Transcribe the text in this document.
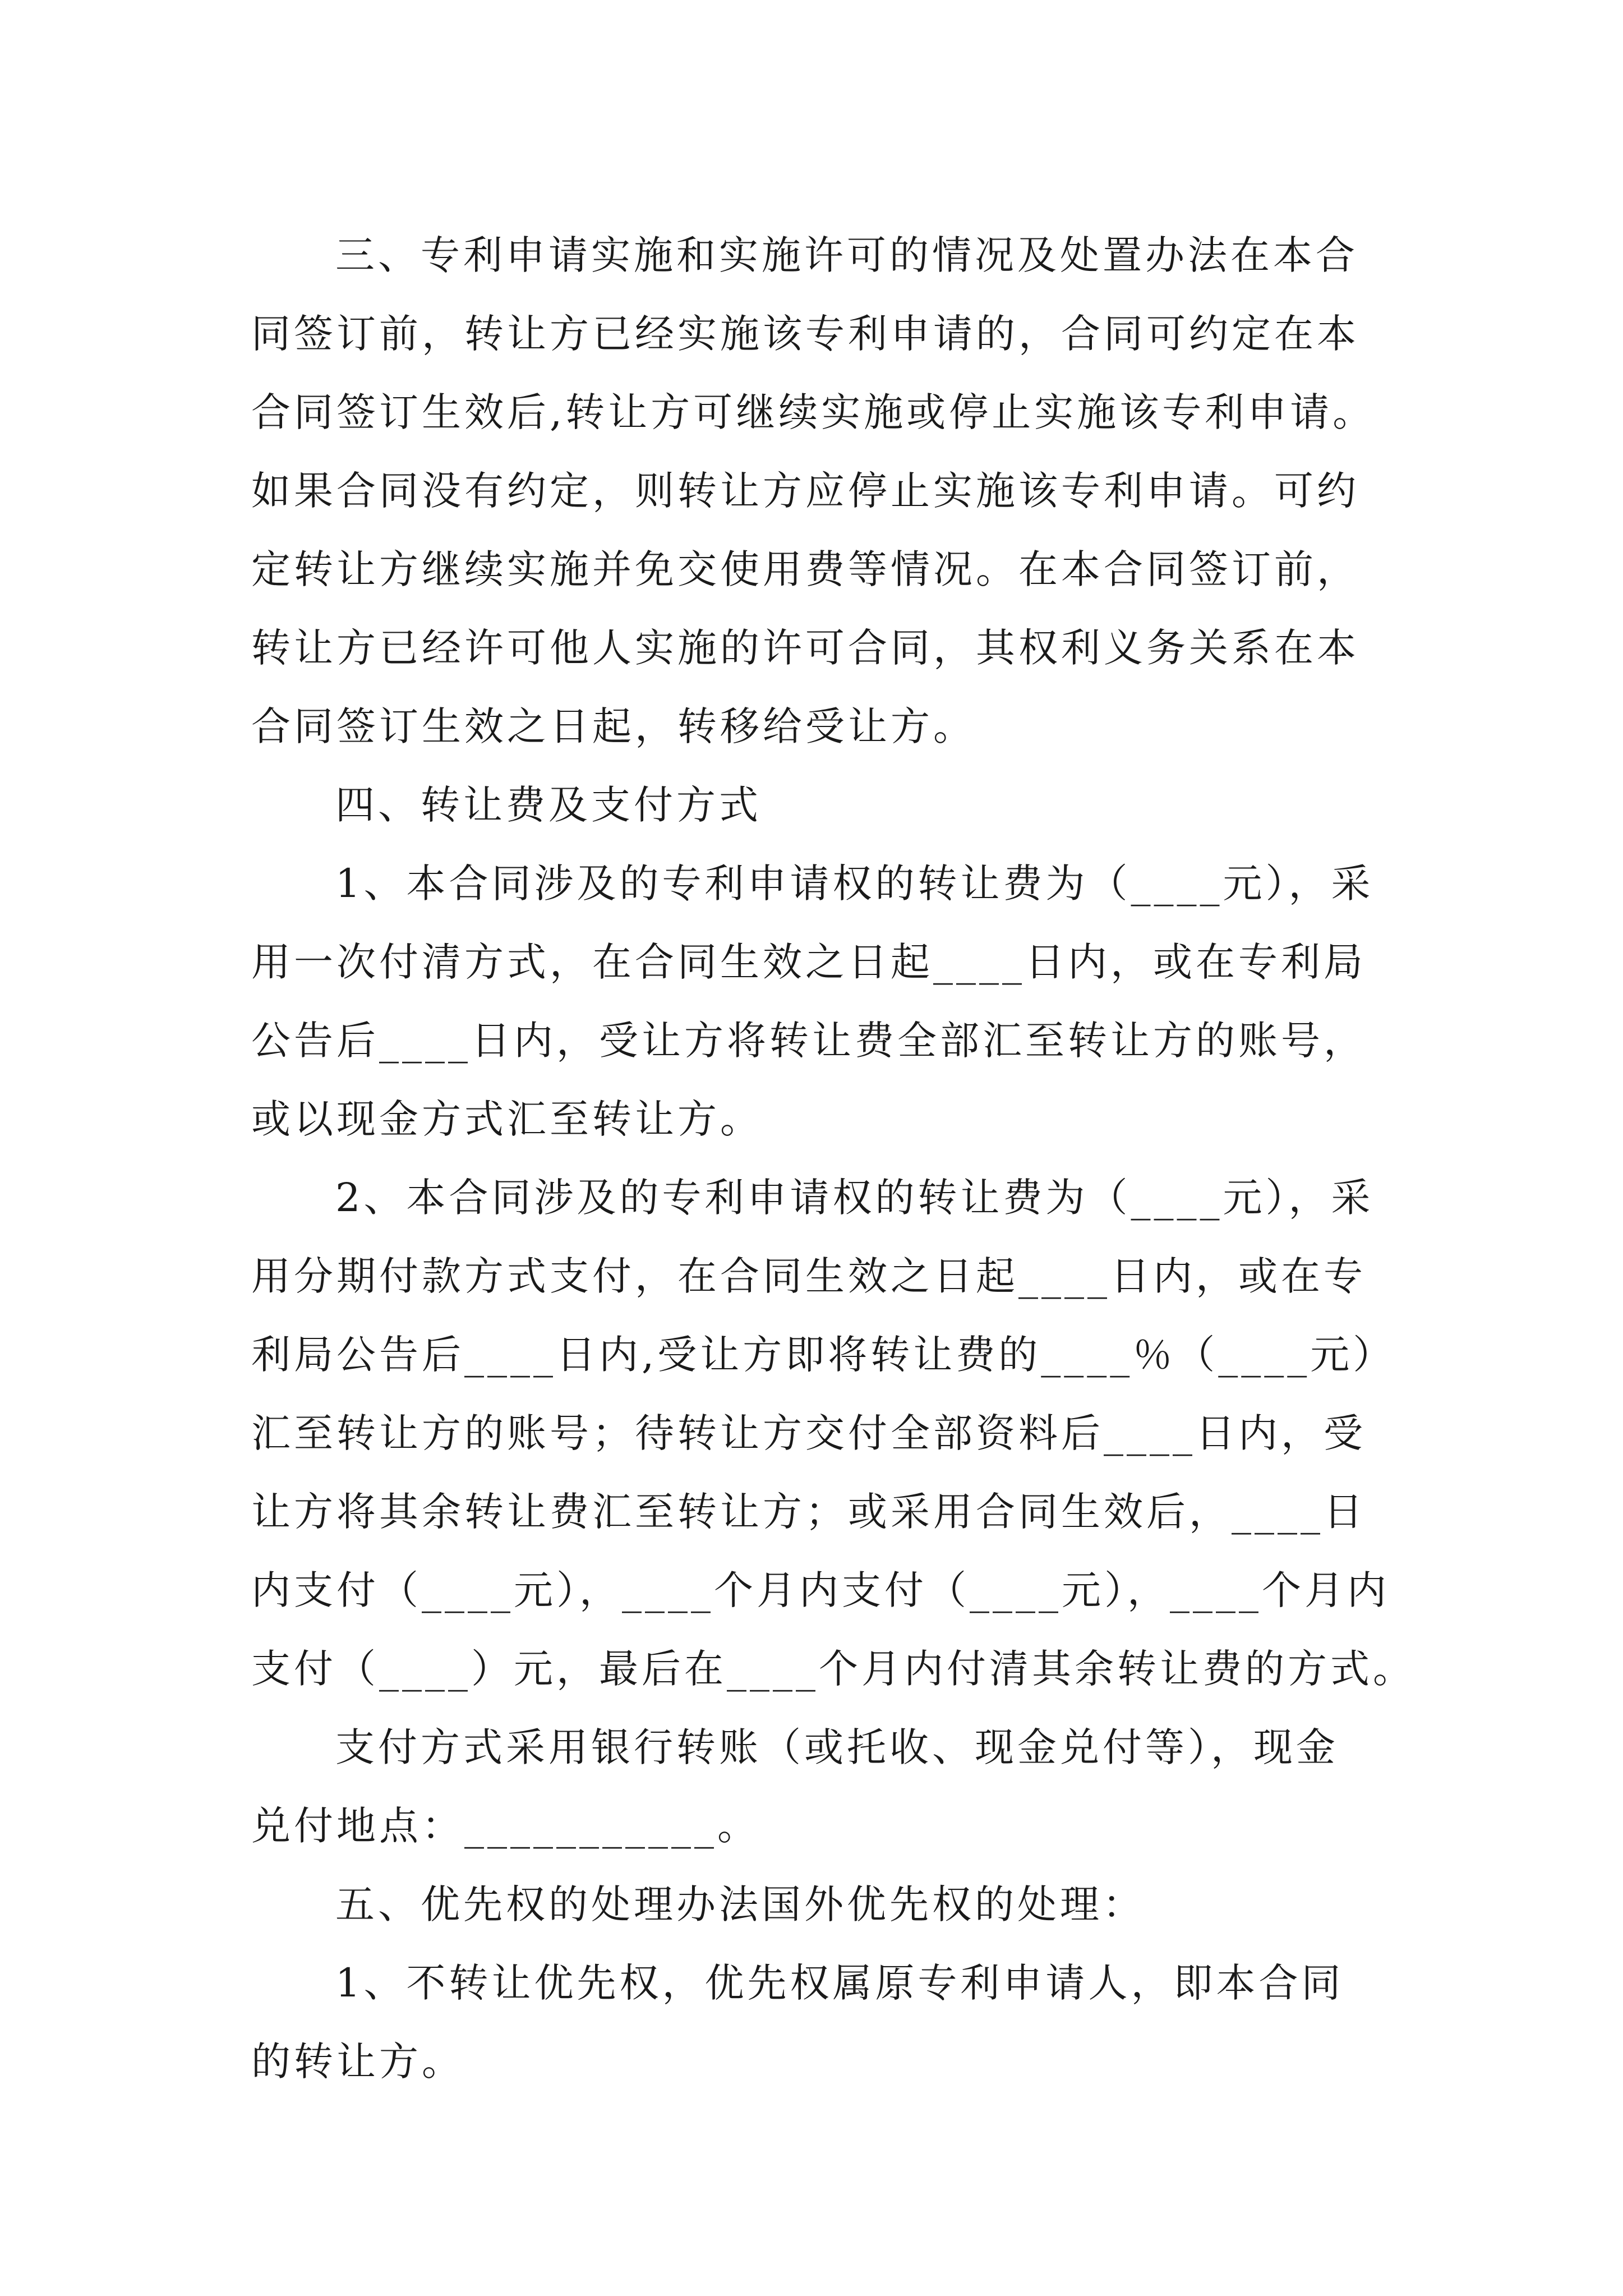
三、专利申请实施和实施许可的情况及处置办法在本合
同签订前，转让方已经实施该专利申请的，合同可约定在本
合同签订生效后,转让方可继续实施或停止实施该专利申请。
如果合同没有约定，则转让方应停止实施该专利申请。可约
定转让方继续实施并免交使用费等情况。在本合同签订前，
转让方已经许可他人实施的许可合同，其权利义务关系在本
合同签订生效之日起，转移给受让方。
四、转让费及支付方式
1、本合同涉及的专利申请权的转让费为（____元），采
用一次付清方式，在合同生效之日起____日内，或在专利局
公告后____日内，受让方将转让费全部汇至转让方的账号，
或以现金方式汇至转让方。
2、本合同涉及的专利申请权的转让费为（____元），采
用分期付款方式支付，在合同生效之日起____日内，或在专
利局公告后____日内,受让方即将转让费的____％（____元）
汇至转让方的账号；待转让方交付全部资料后____日内，受
让方将其余转让费汇至转让方；或采用合同生效后，____日
内支付（____元），____个月内支付（____元），____个月内
支付（____）元，最后在____个月内付清其余转让费的方式。
支付方式采用银行转账（或托收、现金兑付等），现金
兑付地点：___________。
五、优先权的处理办法国外优先权的处理：
1、不转让优先权，优先权属原专利申请人，即本合同
的转让方。
